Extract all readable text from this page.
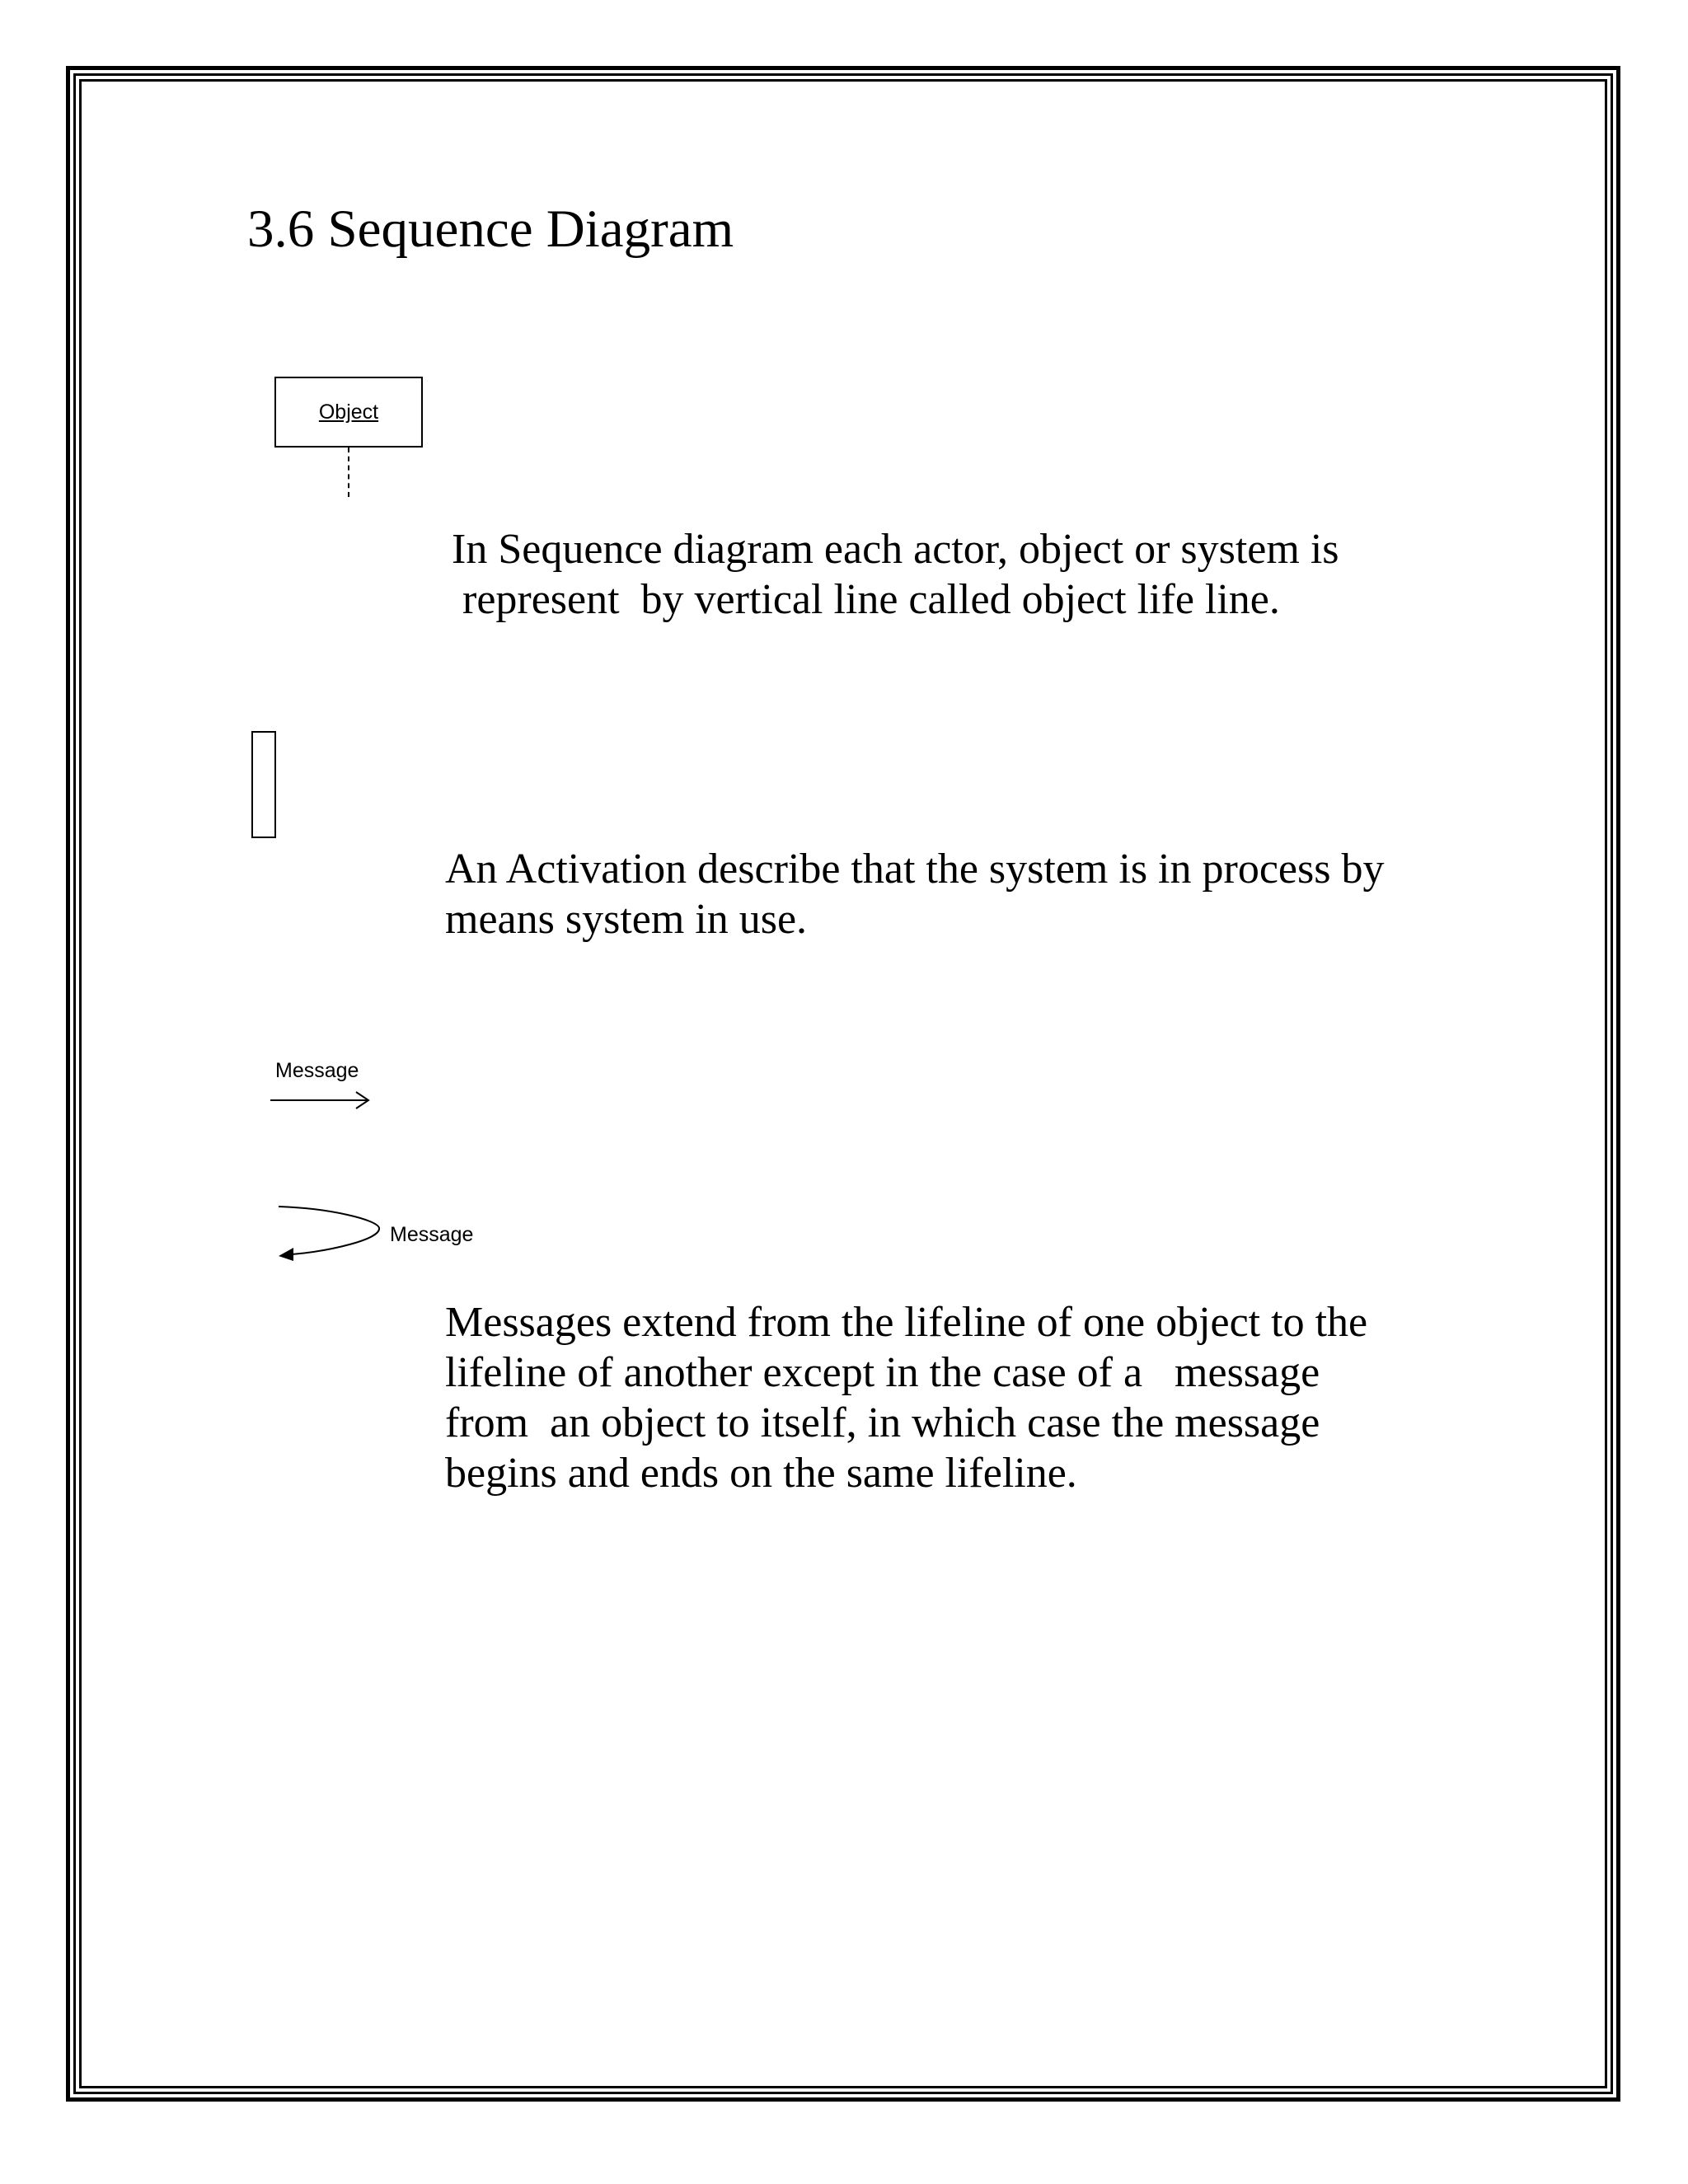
3.6 Sequence Diagram
Object

In Sequence diagram each actor, object or system is
represent  by vertical line called object life line.

An Activation describe that the system is in process by
means system in use.

Message
Message

Messages extend from the lifeline of one object to the
lifeline of another except in the case of a   message
from  an object to itself, in which case the message
begins and ends on the same lifeline.
